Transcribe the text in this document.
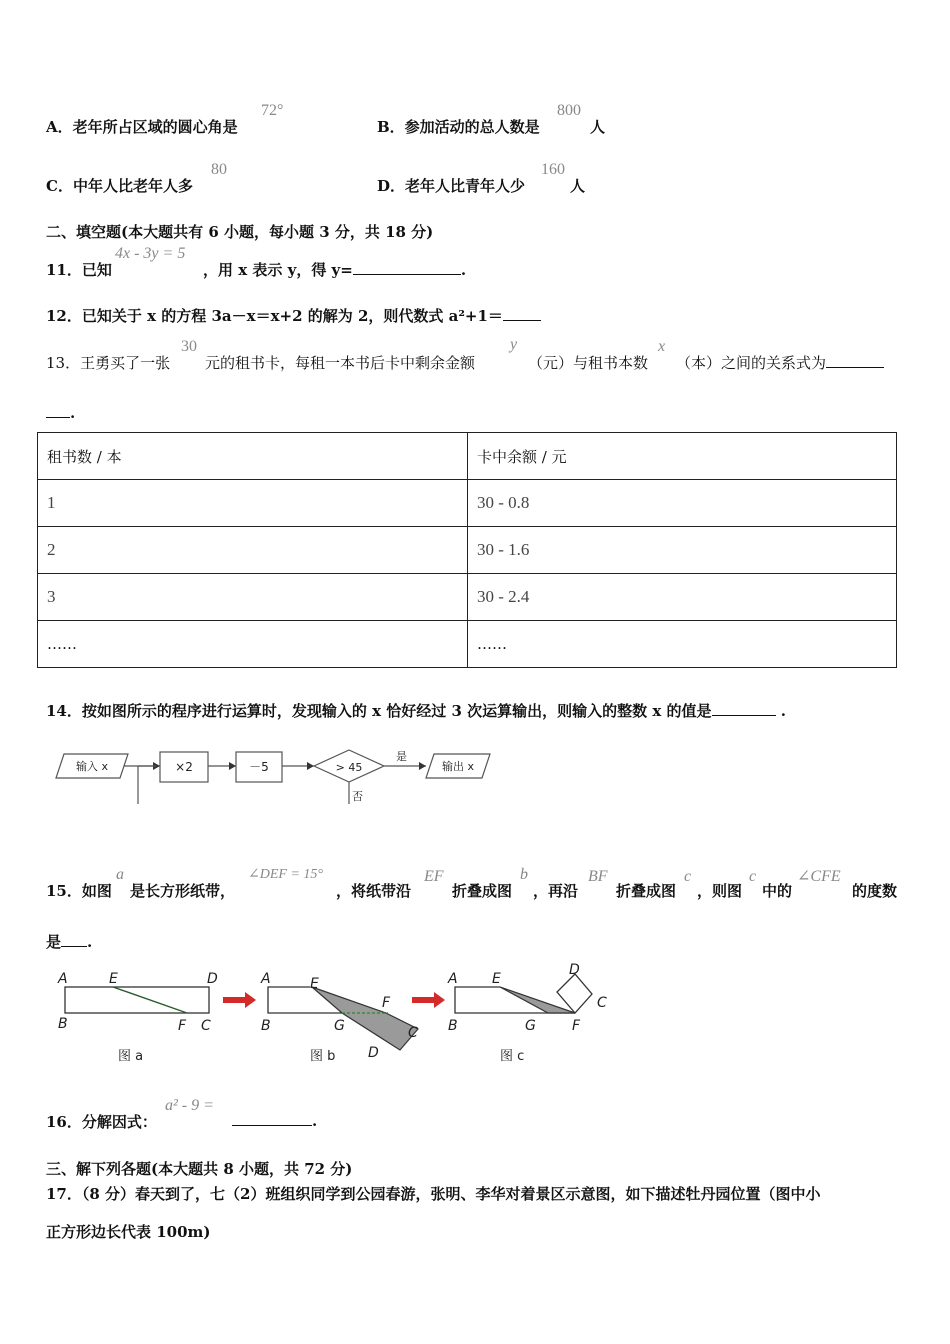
A．老年所占区域的圆心角是
72°
B．参加活动的总人数是
800
人
C．中年人比老年人多
80
D．老年人比青年人少
160
人
二、填空题(本大题共有 6 小题，每小题 3 分，共 18 分)
11．已知
4x - 3y = 5
，用 x 表示 y，得 y=	.
12．已知关于 x 的方程 3a－x＝x+2 的解为 2，则代数式 a²+1＝
13．王勇买了一张
30
元的租书卡，每租一本书后卡中剩余金额
y
（元）与租书本数
x
（本）之间的关系式为
.
租书数 / 本	卡中余额 / 元
1	30 - 0.8
2	30 - 1.6
3	30 - 2.4
……	……
14．按如图所示的程序进行运算时，发现输入的 x 恰好经过 3 次运算输出，则输入的整数 x 的值是	.
输入 x	×2	－5	> 45
是
输出 x
否
15．如图
a
是长方形纸带，
∠DEF = 15°
，将纸带沿
EF
折叠成图
b
，再沿
BF
折叠成图
c
，则图
c
中的
∠CFE
的度数
是 .
A	E	D
B	F C
图 a
A	E
F
B	G	C
D
图 b
A E
D
B	G	F
C
图 c
16．分解因式：
a² - 9 =
.
三、解下列各题(本大题共 8 小题，共 72 分)
17．（8 分）春天到了，七（2）班组织同学到公园春游，张明、李华对着景区示意图，如下描述牡丹园位置（图中小
正方形边长代表 100m)
